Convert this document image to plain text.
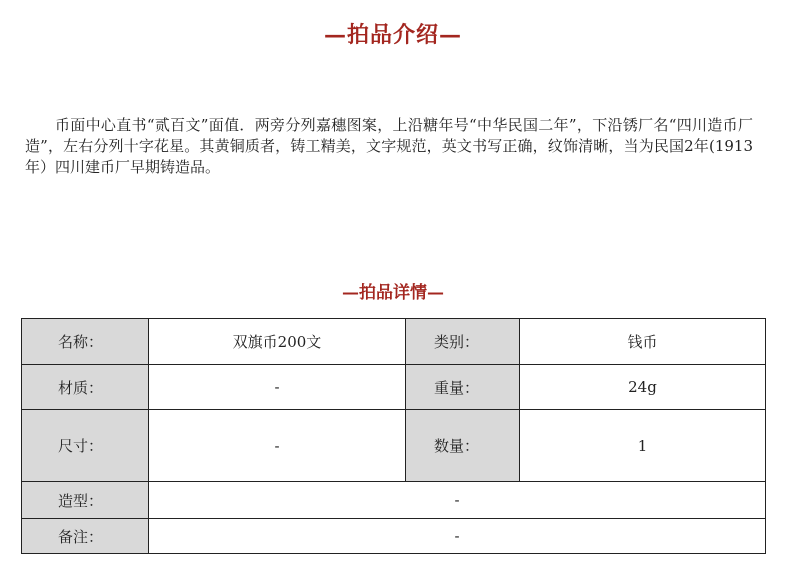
—拍品介绍—
币面中心直书“贰百文”面值．两旁分列嘉穗图案，上沿糖年号“中华民国二年”，下沿锈厂名“四川造币厂造”，左右分列十字花星。其黄铜质者，铸工精美，文字规范，英文书写正确，纹饰清晰，当为民国2年(1913年）四川建币厂早期铸造品。
—拍品详情—
名称：	双旗币200文	类别：	钱币
材质：	-	重量：	24g
尺寸：	-	数量：	1
造型：	-		
备注：	-		
